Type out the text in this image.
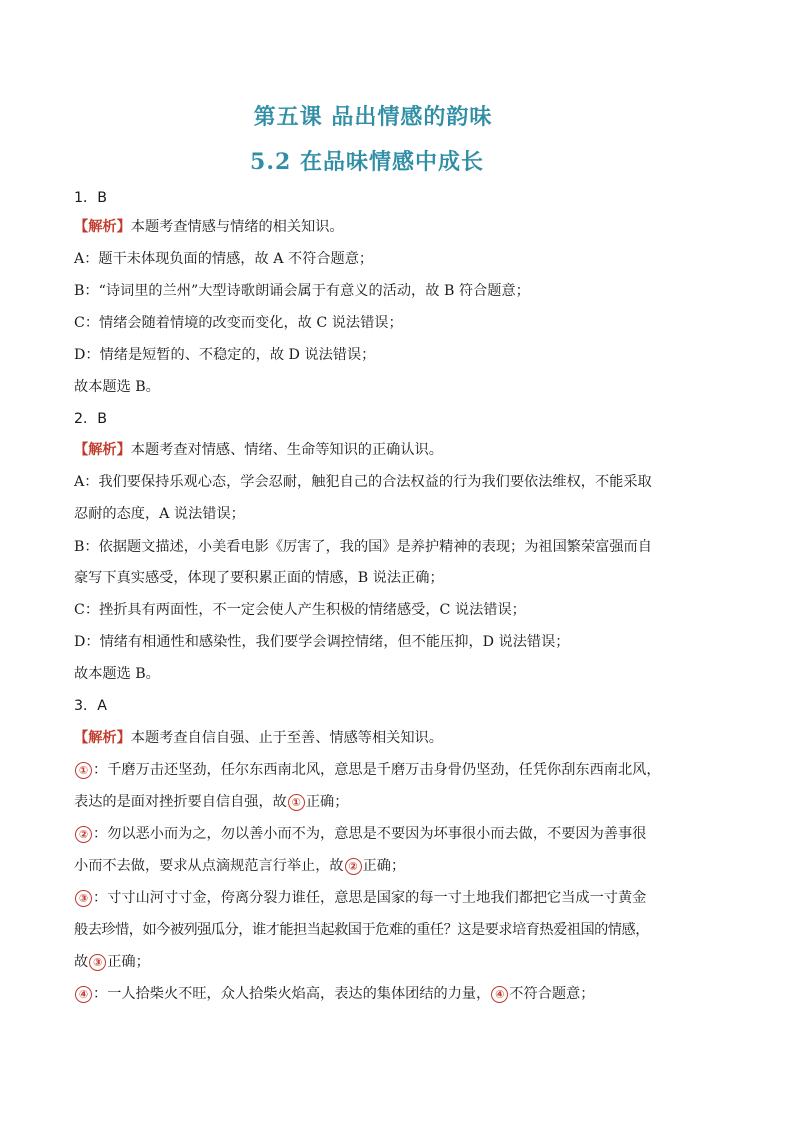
第五课 品出情感的韵味
5.2 在品味情感中成长
1．B
【解析】本题考查情感与情绪的相关知识。
A：题干未体现负面的情感，故 A 不符合题意；
B：“诗词里的兰州”大型诗歌朗诵会属于有意义的活动，故 B 符合题意；
C：情绪会随着情境的改变而变化，故 C 说法错误；
D：情绪是短暂的、不稳定的，故 D 说法错误；
故本题选 B。
2．B
【解析】本题考查对情感、情绪、生命等知识的正确认识。
A：我们要保持乐观心态，学会忍耐，触犯自己的合法权益的行为我们要依法维权，不能采取
忍耐的态度，A 说法错误；
B：依据题文描述，小美看电影《厉害了，我的国》是养护精神的表现；为祖国繁荣富强而自
豪写下真实感受，体现了要积累正面的情感，B 说法正确；
C：挫折具有两面性，不一定会使人产生积极的情绪感受，C 说法错误；
D：情绪有相通性和感染性，我们要学会调控情绪，但不能压抑，D 说法错误；
故本题选 B。
3．A
【解析】本题考查自信自强、止于至善、情感等相关知识。
① ：千磨万击还坚劲，任尔东西南北风，意思是千磨万击身骨仍坚劲，任凭你刮东西南北风，
表达的是面对挫折要自信自强，故 ① 正确；
② ：勿以恶小而为之，勿以善小而不为，意思是不要因为坏事很小而去做，不要因为善事很
小而不去做，要求从点滴规范言行举止，故 ② 正确；
③ ：寸寸山河寸寸金，侉离分裂力谁任，意思是国家的每一寸土地我们都把它当成一寸黄金
般去珍惜，如今被列强瓜分，谁才能担当起救国于危难的重任？这是要求培育热爱祖国的情感，
故 ③ 正确；
④ ：一人拾柴火不旺，众人拾柴火焰高，表达的集体团结的力量， ④ 不符合题意；
